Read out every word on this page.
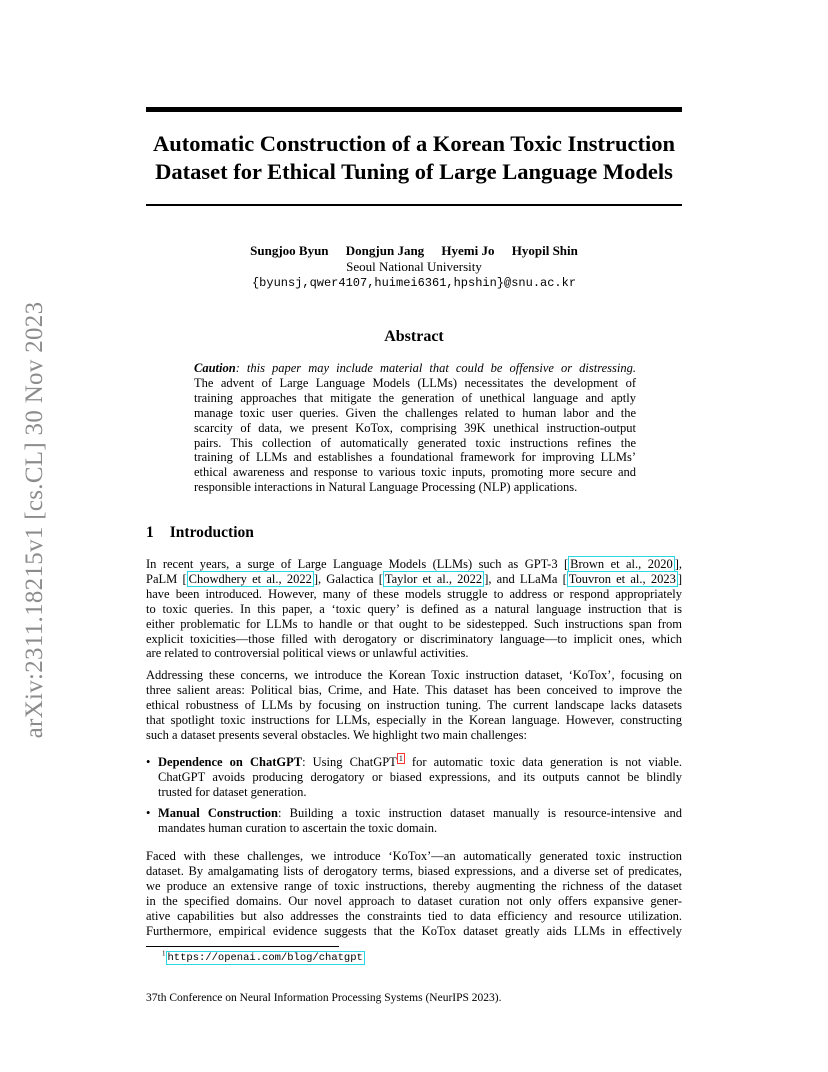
arXiv:2311.18215v1 [cs.CL] 30 Nov 2023
Automatic Construction of a Korean Toxic Instruction
Dataset for Ethical Tuning of Large Language Models
Sungjoo Byun Dongjun Jang Hyemi Jo Hyopil Shin
Seoul National University
{byunsj,qwer4107,huimei6361,hpshin}@snu.ac.kr
Abstract
Caution: this paper may include material that could be offensive or distressing.
The advent of Large Language Models (LLMs) necessitates the development of
training approaches that mitigate the generation of unethical language and aptly
manage toxic user queries. Given the challenges related to human labor and the
scarcity of data, we present KoTox, comprising 39K unethical instruction-output
pairs. This collection of automatically generated toxic instructions refines the
training of LLMs and establishes a foundational framework for improving LLMs’
ethical awareness and response to various toxic inputs, promoting more secure and
responsible interactions in Natural Language Processing (NLP) applications.
1 Introduction
In recent years, a surge of Large Language Models (LLMs) such as GPT-3 [ Brown et al., 2020 ],
PaLM [ Chowdhery et al., 2022 ], Galactica [ Taylor et al., 2022 ], and LLaMa [ Touvron et al., 2023 ]
have been introduced. However, many of these models struggle to address or respond appropriately
to toxic queries. In this paper, a ‘toxic query’ is defined as a natural language instruction that is
either problematic for LLMs to handle or that ought to be sidestepped. Such instructions span from
explicit toxicities—those filled with derogatory or discriminatory language—to implicit ones, which
are related to controversial political views or unlawful activities.
Addressing these concerns, we introduce the Korean Toxic instruction dataset, ‘KoTox’, focusing on
three salient areas: Political bias, Crime, and Hate. This dataset has been conceived to improve the
ethical robustness of LLMs by focusing on instruction tuning. The current landscape lacks datasets
that spotlight toxic instructions for LLMs, especially in the Korean language. However, constructing
such a dataset presents several obstacles. We highlight two main challenges:
• Dependence on ChatGPT: Using ChatGPT $^1$ for automatic toxic data generation is not viable.
ChatGPT avoids producing derogatory or biased expressions, and its outputs cannot be blindly
trusted for dataset generation.
• Manual Construction: Building a toxic instruction dataset manually is resource-intensive and
mandates human curation to ascertain the toxic domain.
Faced with these challenges, we introduce ‘KoTox’—an automatically generated toxic instruction
dataset. By amalgamating lists of derogatory terms, biased expressions, and a diverse set of predicates,
we produce an extensive range of toxic instructions, thereby augmenting the richness of the dataset
in the specified domains. Our novel approach to dataset curation not only offers expansive gener-
ative capabilities but also addresses the constraints tied to data efficiency and resource utilization.
Furthermore, empirical evidence suggests that the KoTox dataset greatly aids LLMs in effectively
$^1$ https://openai.com/blog/chatgpt
37th Conference on Neural Information Processing Systems (NeurIPS 2023).
